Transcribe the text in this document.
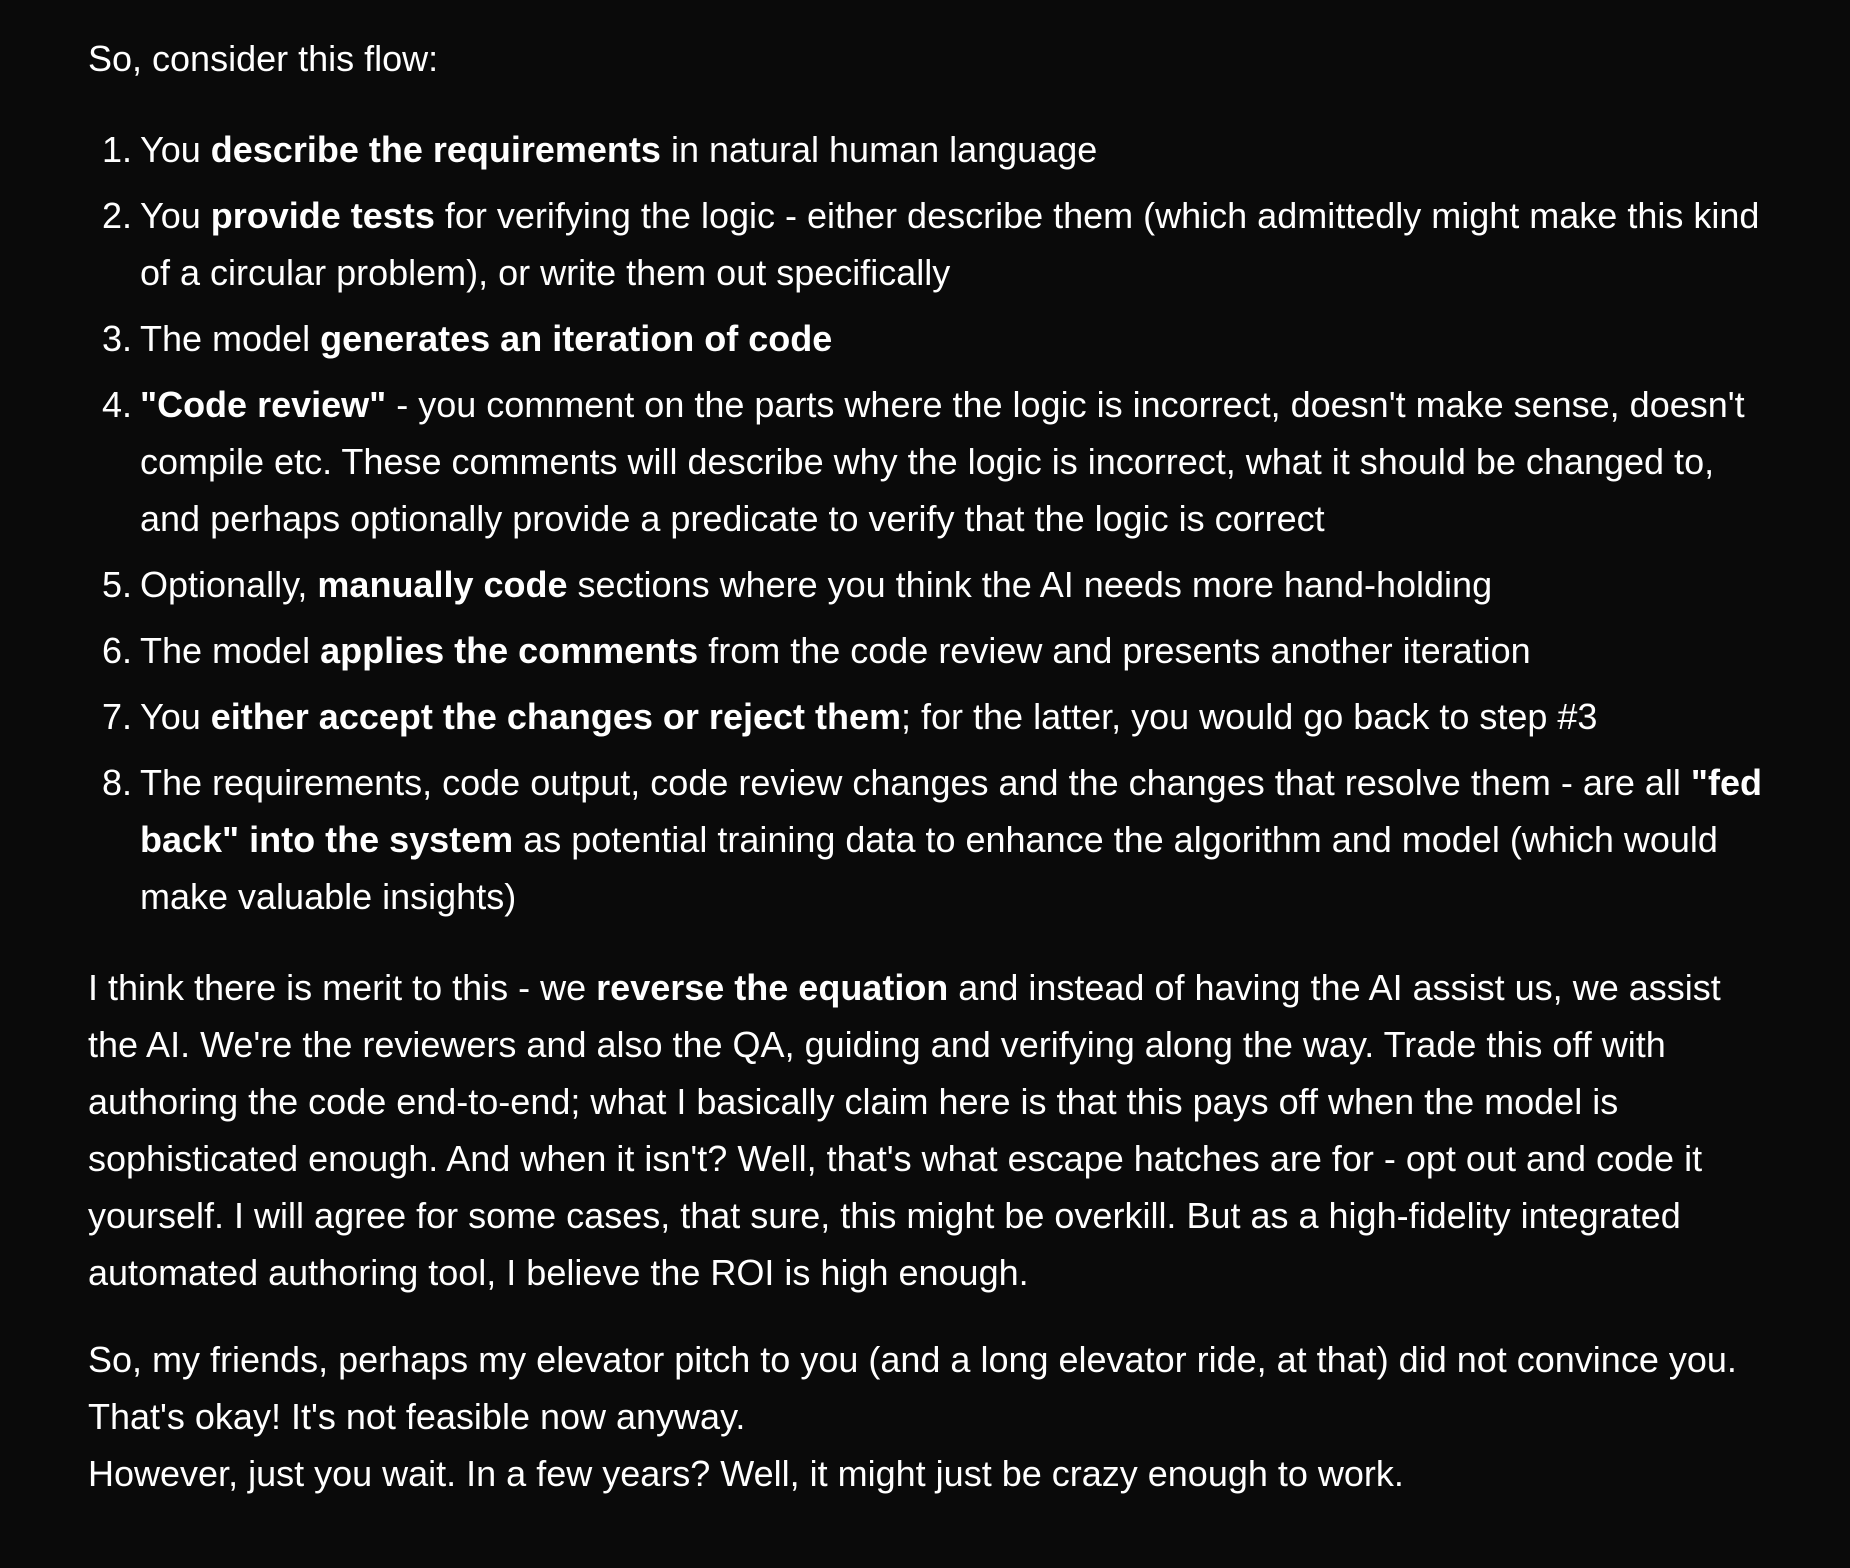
So, consider this flow:

1. You describe the requirements in natural human language
2. You provide tests for verifying the logic - either describe them (which admittedly might make this kind of a circular problem), or write them out specifically
3. The model generates an iteration of code
4. "Code review" - you comment on the parts where the logic is incorrect, doesn't make sense, doesn't compile etc. These comments will describe why the logic is incorrect, what it should be changed to, and perhaps optionally provide a predicate to verify that the logic is correct
5. Optionally, manually code sections where you think the AI needs more hand-holding
6. The model applies the comments from the code review and presents another iteration
7. You either accept the changes or reject them; for the latter, you would go back to step #3
8. The requirements, code output, code review changes and the changes that resolve them - are all "fed back" into the system as potential training data to enhance the algorithm and model (which would make valuable insights)

I think there is merit to this - we reverse the equation and instead of having the AI assist us, we assist the AI. We're the reviewers and also the QA, guiding and verifying along the way. Trade this off with authoring the code end-to-end; what I basically claim here is that this pays off when the model is sophisticated enough. And when it isn't? Well, that's what escape hatches are for - opt out and code it yourself. I will agree for some cases, that sure, this might be overkill. But as a high-fidelity integrated automated authoring tool, I believe the ROI is high enough.

So, my friends, perhaps my elevator pitch to you (and a long elevator ride, at that) did not convince you.
That's okay! It's not feasible now anyway.
However, just you wait. In a few years? Well, it might just be crazy enough to work.
